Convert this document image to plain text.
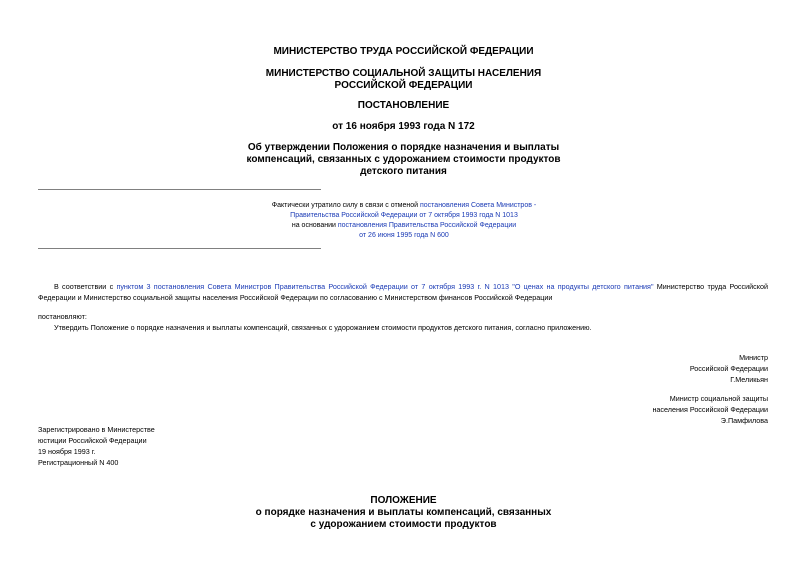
МИНИСТЕРСТВО ТРУДА РОССИЙСКОЙ ФЕДЕРАЦИИ
МИНИСТЕРСТВО СОЦИАЛЬНОЙ ЗАЩИТЫ НАСЕЛЕНИЯ
РОССИЙСКОЙ ФЕДЕРАЦИИ
ПОСТАНОВЛЕНИЕ
от 16 ноября 1993 года N 172
Об утверждении Положения о порядке назначения и выплаты
компенсаций, связанных с удорожанием стоимости продуктов
детского питания
Фактически утратило силу в связи с отменой постановления Совета Министров -
Правительства Российской Федерации от 7 октября 1993 года N 1013
на основании постановления Правительства Российской Федерации
от 26 июня 1995 года N 600
В соответствии с пунктом 3 постановления Совета Министров Правительства Российской Федерации от 7 октября 1993 г. N 1013 "О ценах на продукты детского питания" Министерство труда Российской Федерации и Министерство социальной защиты населения Российской Федерации по согласованию с Министерством финансов Российской Федерации
постановляют:
Утвердить Положение о порядке назначения и выплаты компенсаций, связанных с удорожанием стоимости продуктов детского питания, согласно приложению.
Министр
Российской Федерации
Г.Меликьян
Министр социальной защиты
населения Российской Федерации
Э.Памфилова
Зарегистрировано в Министерстве
юстиции Российской Федерации
19 ноября 1993 г.
Регистрационный N 400
ПОЛОЖЕНИЕ
о порядке назначения и выплаты компенсаций, связанных
с удорожанием стоимости продуктов
